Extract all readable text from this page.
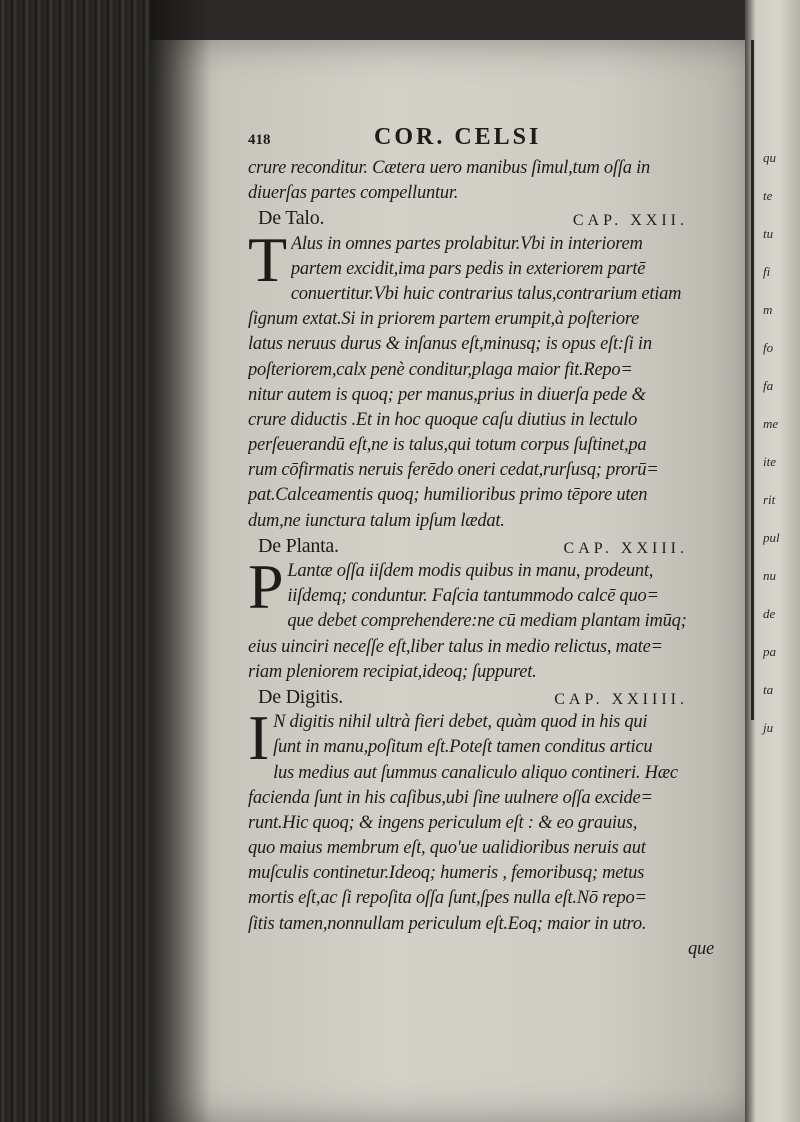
qu
te
tu
fi
m
fo
fa
me
ite
rit
pul
nu
de
pa
ta
ju
418	COR. CELSI
crure reconditur. Cætera uero manibus ſimul,tum oſſa in
diuerſas partes compelluntur.
De Talo.	CAP. XXII.
T Alus in omnes partes prolabitur.Vbi in interiorem
partem excidit,ima pars pedis in exteriorem partē
conuertitur.Vbi huic contrarius talus,contrarium etiam
ſignum extat.Si in priorem partem erumpit,à poſteriore
latus neruus durus & inſanus eſt,minusq; is opus eſt:ſi in
poſteriorem,calx penè conditur,plaga maior fit.Repo=
nitur autem is quoq; per manus,prius in diuerſa pede &
crure diductis .Et in hoc quoque caſu diutius in lectulo
perſeuerandū eſt,ne is talus,qui totum corpus ſuſtinet,pa
rum cōfirmatis neruis ferēdo oneri cedat,rurſusq; prorū=
pat.Calceamentis quoq; humilioribus primo tēpore uten
dum,ne iunctura talum ipſum lædat.
De Planta.	CAP. XXIII.
P Lantæ oſſa iiſdem modis quibus in manu, prodeunt,
iiſdemq; conduntur. Faſcia tantummodo calcē quo=
que debet comprehendere:ne cū mediam plantam imūq;
eius uinciri neceſſe eſt,liber talus in medio relictus, mate=
riam pleniorem recipiat,ideoq; ſuppuret.
De Digitis.	CAP. XXIIII.
I N digitis nihil ultrà fieri debet, quàm quod in his qui
ſunt in manu,poſitum eſt.Poteſt tamen conditus articu
lus medius aut ſummus canaliculo aliquo contineri. Hæc
facienda ſunt in his caſibus,ubi ſine uulnere oſſa excide=
runt.Hic quoq; & ingens periculum eſt : & eo grauius,
quo maius membrum eſt, quo'ue ualidioribus neruis aut
muſculis continetur.Ideoq; humeris , femoribusq; metus
mortis eſt,ac ſi repoſita oſſa ſunt,ſpes nulla eſt.Nō repo=
ſitis tamen,nonnullam periculum eſt.Eoq; maior in utro.
que
